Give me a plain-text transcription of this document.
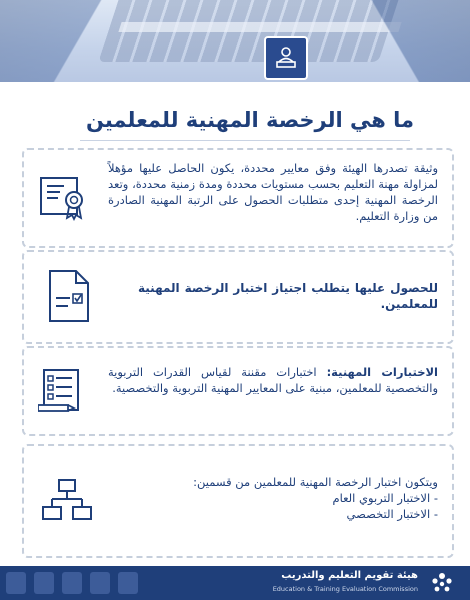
ما هي الرخصة المهنية للمعلمين
وثيقة تصدرها الهيئة وفق معايير محددة، يكون الحاصل عليها مؤهلاً لمزاولة مهنة التعليم بحسب مستويات محددة ومدة زمنية محددة، وتعد الرخصة المهنية إحدى متطلبات الحصول على الرتبة المهنية الصادرة من وزارة التعليم.
للحصول عليها يتطلب اجتياز اختبار الرخصة المهنية للمعلمين.
الاختبارات المهنية: اختبارات مقننة لقياس القدرات التربوية والتخصصية للمعلمين، مبنية على المعايير المهنية التربوية والتخصصية.
ويتكون اختبار الرخصة المهنية للمعلمين من قسمين:
- الاختبار التربوي العام
- الاختبار التخصصي
هيئة تقويم التعليم والتدريب
Education & Training Evaluation Commission
